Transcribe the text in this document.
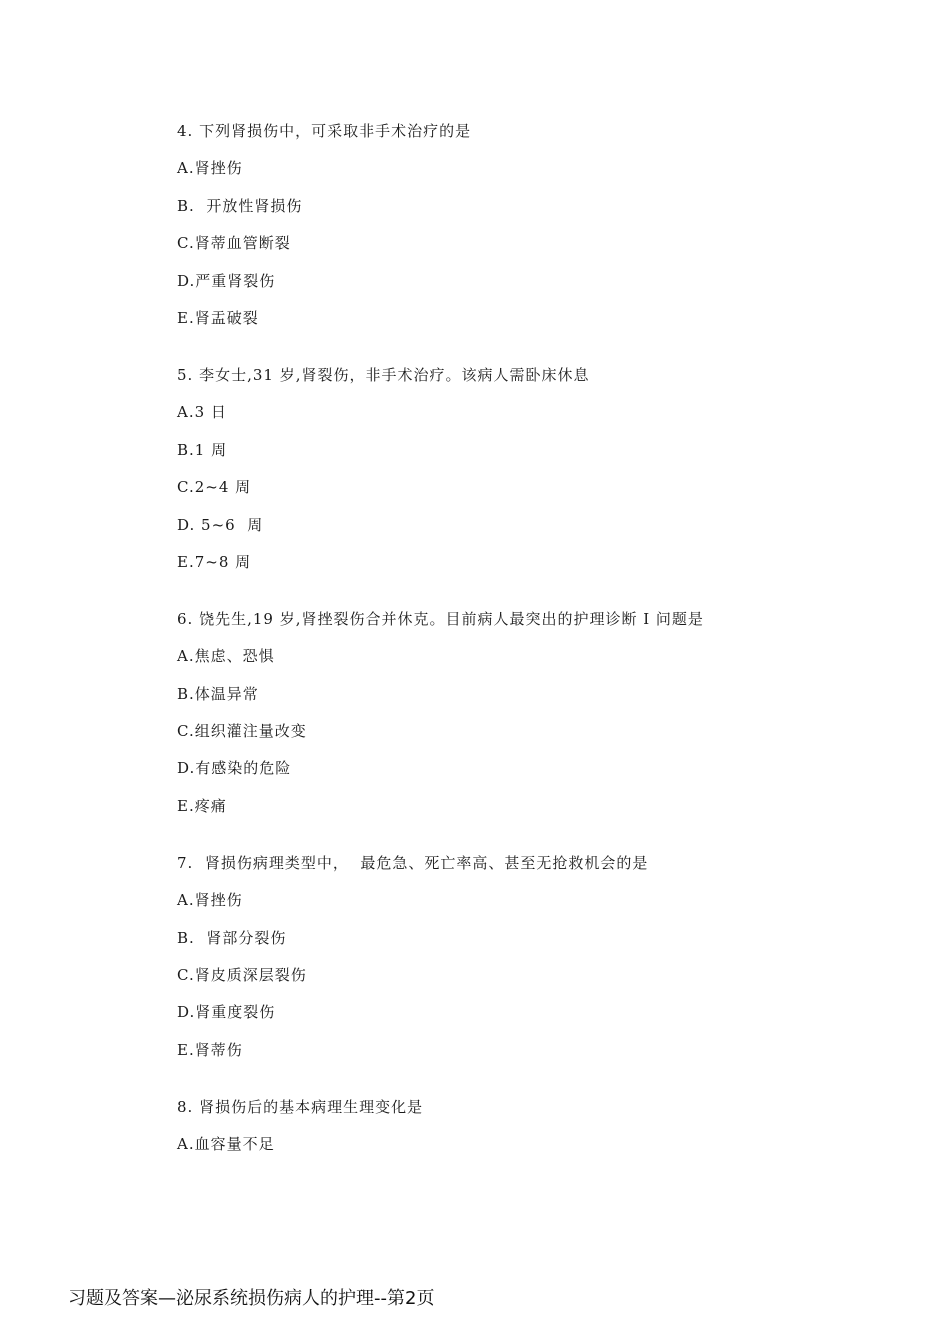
4. 下列肾损伤中，可采取非手术治疗的是
A.肾挫伤
B.  开放性肾损伤
C.肾蒂血管断裂
D.严重肾裂伤
E.肾盂破裂
5. 李女士,31 岁,肾裂伤，非手术治疗。该病人需卧床休息
A.3 日
B.1 周
C.2~4 周
D. 5~6  周
E.7~8 周
6. 饶先生,19 岁,肾挫裂伤合并休克。目前病人最突出的护理诊断 I 问题是
A.焦虑、恐惧
B.体温异常
C.组织灌注量改变
D.有感染的危险
E.疼痛
7.  肾损伤病理类型中，  最危急、死亡率高、甚至无抢救机会的是
A.肾挫伤
B.  肾部分裂伤
C.肾皮质深层裂伤
D.肾重度裂伤
E.肾蒂伤
8. 肾损伤后的基本病理生理变化是
A.血容量不足
习题及答案—泌尿系统损伤病人的护理--第2页
